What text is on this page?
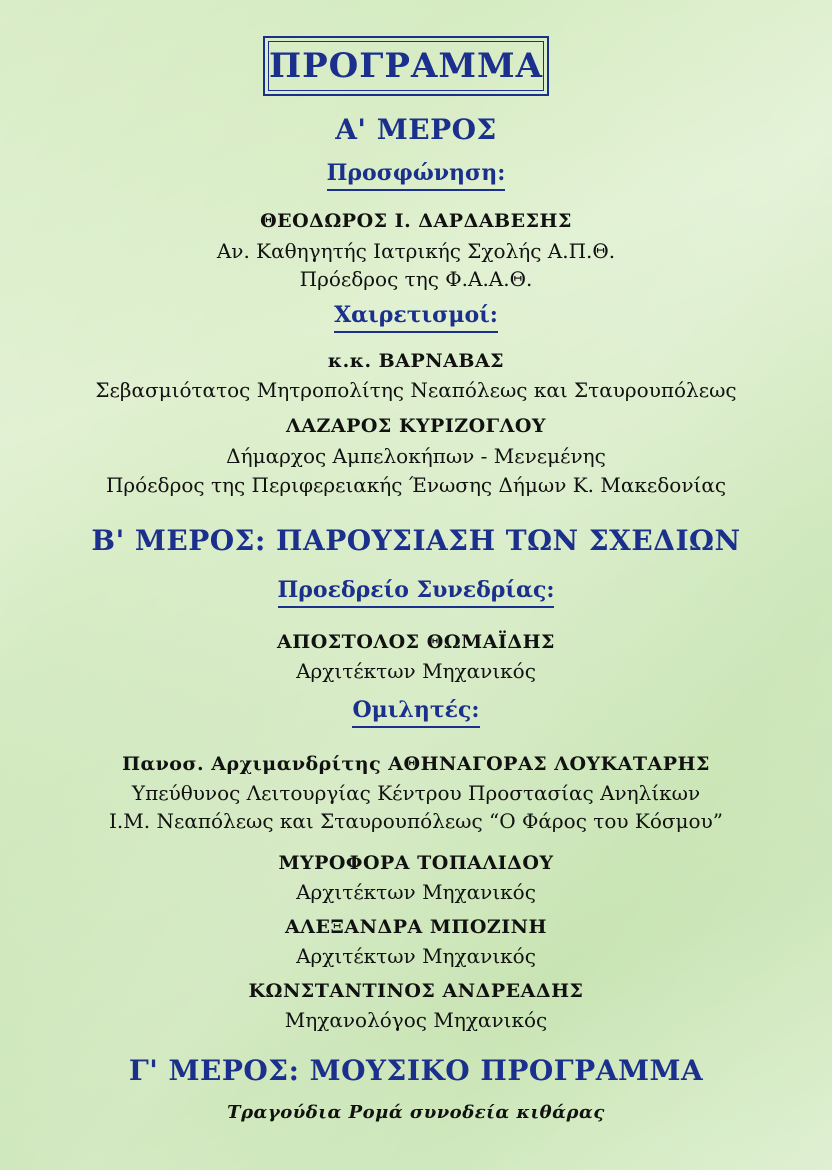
ΠΡΟΓΡΑΜΜΑ
Α' ΜΕΡΟΣ
Προσφώνηση:
ΘΕΟΔΩΡΟΣ Ι. ΔΑΡΔΑΒΕΣΗΣ
Αν. Καθηγητής Ιατρικής Σχολής Α.Π.Θ.
Πρόεδρος της Φ.Α.Α.Θ.
Χαιρετισμοί:
κ.κ. ΒΑΡΝΑΒΑΣ
Σεβασμιότατος Μητροπολίτης Νεαπόλεως και Σταυρουπόλεως
ΛΑΖΑΡΟΣ ΚΥΡΙΖΟΓΛΟΥ
Δήμαρχος Αμπελοκήπων - Μενεμένης
Πρόεδρος της Περιφερειακής Ένωσης Δήμων Κ. Μακεδονίας
Β' ΜΕΡΟΣ: ΠΑΡΟΥΣΙΑΣΗ ΤΩΝ ΣΧΕΔΙΩΝ
Προεδρείο Συνεδρίας:
ΑΠΟΣΤΟΛΟΣ ΘΩΜΑΪΔΗΣ
Αρχιτέκτων Μηχανικός
Ομιλητές:
Πανοσ. Αρχιμανδρίτης ΑΘΗΝΑΓΟΡΑΣ ΛΟΥΚΑΤΑΡΗΣ
Υπεύθυνος Λειτουργίας Κέντρου Προστασίας Ανηλίκων
Ι.Μ. Νεαπόλεως και Σταυρουπόλεως “Ο Φάρος του Κόσμου”
ΜΥΡΟΦΟΡΑ ΤΟΠΑΛΙΔΟΥ
Αρχιτέκτων Μηχανικός
ΑΛΕΞΑΝΔΡΑ ΜΠΟΖΙΝΗ
Αρχιτέκτων Μηχανικός
ΚΩΝΣΤΑΝΤΙΝΟΣ ΑΝΔΡΕΑΔΗΣ
Μηχανολόγος Μηχανικός
Γ' ΜΕΡΟΣ: ΜΟΥΣΙΚΟ ΠΡΟΓΡΑΜΜΑ
Τραγούδια Ρομά συνοδεία κιθάρας
